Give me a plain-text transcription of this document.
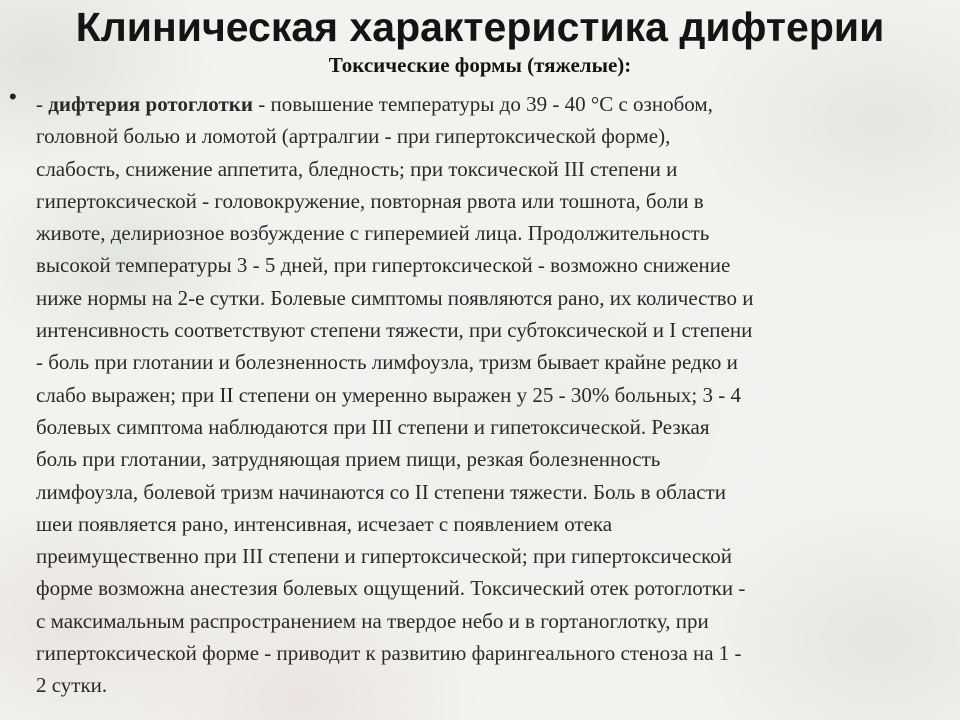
Клиническая характеристика дифтерии
Токсические формы (тяжелые):
• - дифтерия ротоглотки - повышение температуры до 39 - 40 °С с ознобом,
головной болью и ломотой (артралгии - при гипертоксической форме),
слабость, снижение аппетита, бледность; при токсической III степени и
гипертоксической - головокружение, повторная рвота или тошнота, боли в
животе, делириозное возбуждение с гиперемией лица. Продолжительность
высокой температуры 3 - 5 дней, при гипертоксической - возможно снижение
ниже нормы на 2-е сутки. Болевые симптомы появляются рано, их количество и
интенсивность соответствуют степени тяжести, при субтоксической и I степени
- боль при глотании и болезненность лимфоузла, тризм бывает крайне редко и
слабо выражен; при II степени он умеренно выражен у 25 - 30% больных; 3 - 4
болевых симптома наблюдаются при III степени и гипетоксической. Резкая
боль при глотании, затрудняющая прием пищи, резкая болезненность
лимфоузла, болевой тризм начинаются со II степени тяжести. Боль в области
шеи появляется рано, интенсивная, исчезает с появлением отека
преимущественно при III степени и гипертоксической; при гипертоксической
форме возможна анестезия болевых ощущений. Токсический отек ротоглотки -
с максимальным распространением на твердое небо и в гортаноглотку, при
гипертоксической форме - приводит к развитию фарингеального стеноза на 1 -
2 сутки.
